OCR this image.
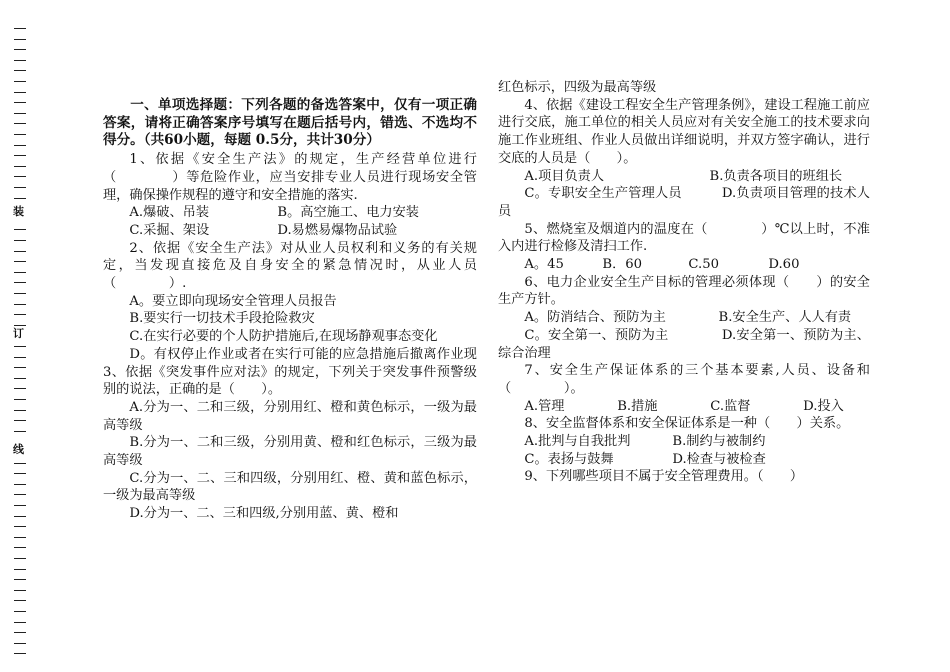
装
订
线

一、单项选择题：下列各题的备选答案中，仅有一项正确答案，请将正确答案序号填写在题后括号内，错选、不选均不得分。（共60小题，每题 0.5分，共计30分）

1、依据《安全生产法》的规定，生产经营单位进行（　　　　）等危险作业，应当安排专业人员进行现场安全管理，确保操作规程的遵守和安全措施的落实.

A.爆破、吊装	B。高空施工、电力安装
C.采掘、架设	D.易燃易爆物品试验

2、依据《安全生产法》对从业人员权利和义务的有关规定，当发现直接危及自身安全的紧急情况时，从业人员（　　　　）.

A。要立即向现场安全管理人员报告

B.要实行一切技术手段抢险救灾

C.在实行必要的个人防护措施后,在现场静观事态变化

D。有权停止作业或者在实行可能的应急措施后撤离作业现 3、依据《突发事件应对法》的规定，下列关于突发事件预警级别的说法，正确的是（　　）。

A.分为一、二和三级，分别用红、橙和黄色标示，一级为最高等级

B.分为一、二和三级，分别用黄、橙和红色标示，三级为最高等级

C.分为一、二、三和四级，分别用红、橙、黄和蓝色标示，一级为最高等级

D.分为一、二、三和四级,分别用蓝、黄、橙和

红色标示，四级为最高等级

4、依据《建设工程安全生产管理条例》，建设工程施工前应进行交底，施工单位的相关人员应对有关安全施工的技术要求向施工作业班组、作业人员做出详细说明，并双方签字确认，进行交底的人员是（　　）。

A.项目负责人　　　　　　　　B.负责各项目的班组长

C。专职安全生产管理人员　　　D.负责项目管理的技术人员

5、燃烧室及烟道内的温度在（　　　　）℃以上时，不准入内进行检修及清扫工作.

A。45	B．60	C.50	D.60

6、电力企业安全生产目标的管理必须体现（　　）的安全生产方针。

A。防消结合、预防为主　　　　B.安全生产、人人有责

C。安全第一、预防为主　　　　D.安全第一、预防为主、综合治理

7、安全生产保证体系的三个基本要素,人员、设备和（　　　　）。

A.管理　　　　B.措施　　　　C.监督　　　　D.投入

8、安全监督体系和安全保证体系是一种（　　）关系。

A.批判与自我批判	B.制约与被制约
C。表扬与鼓舞	D.检查与被检查

9、下列哪些项目不属于安全管理费用。（　　）
